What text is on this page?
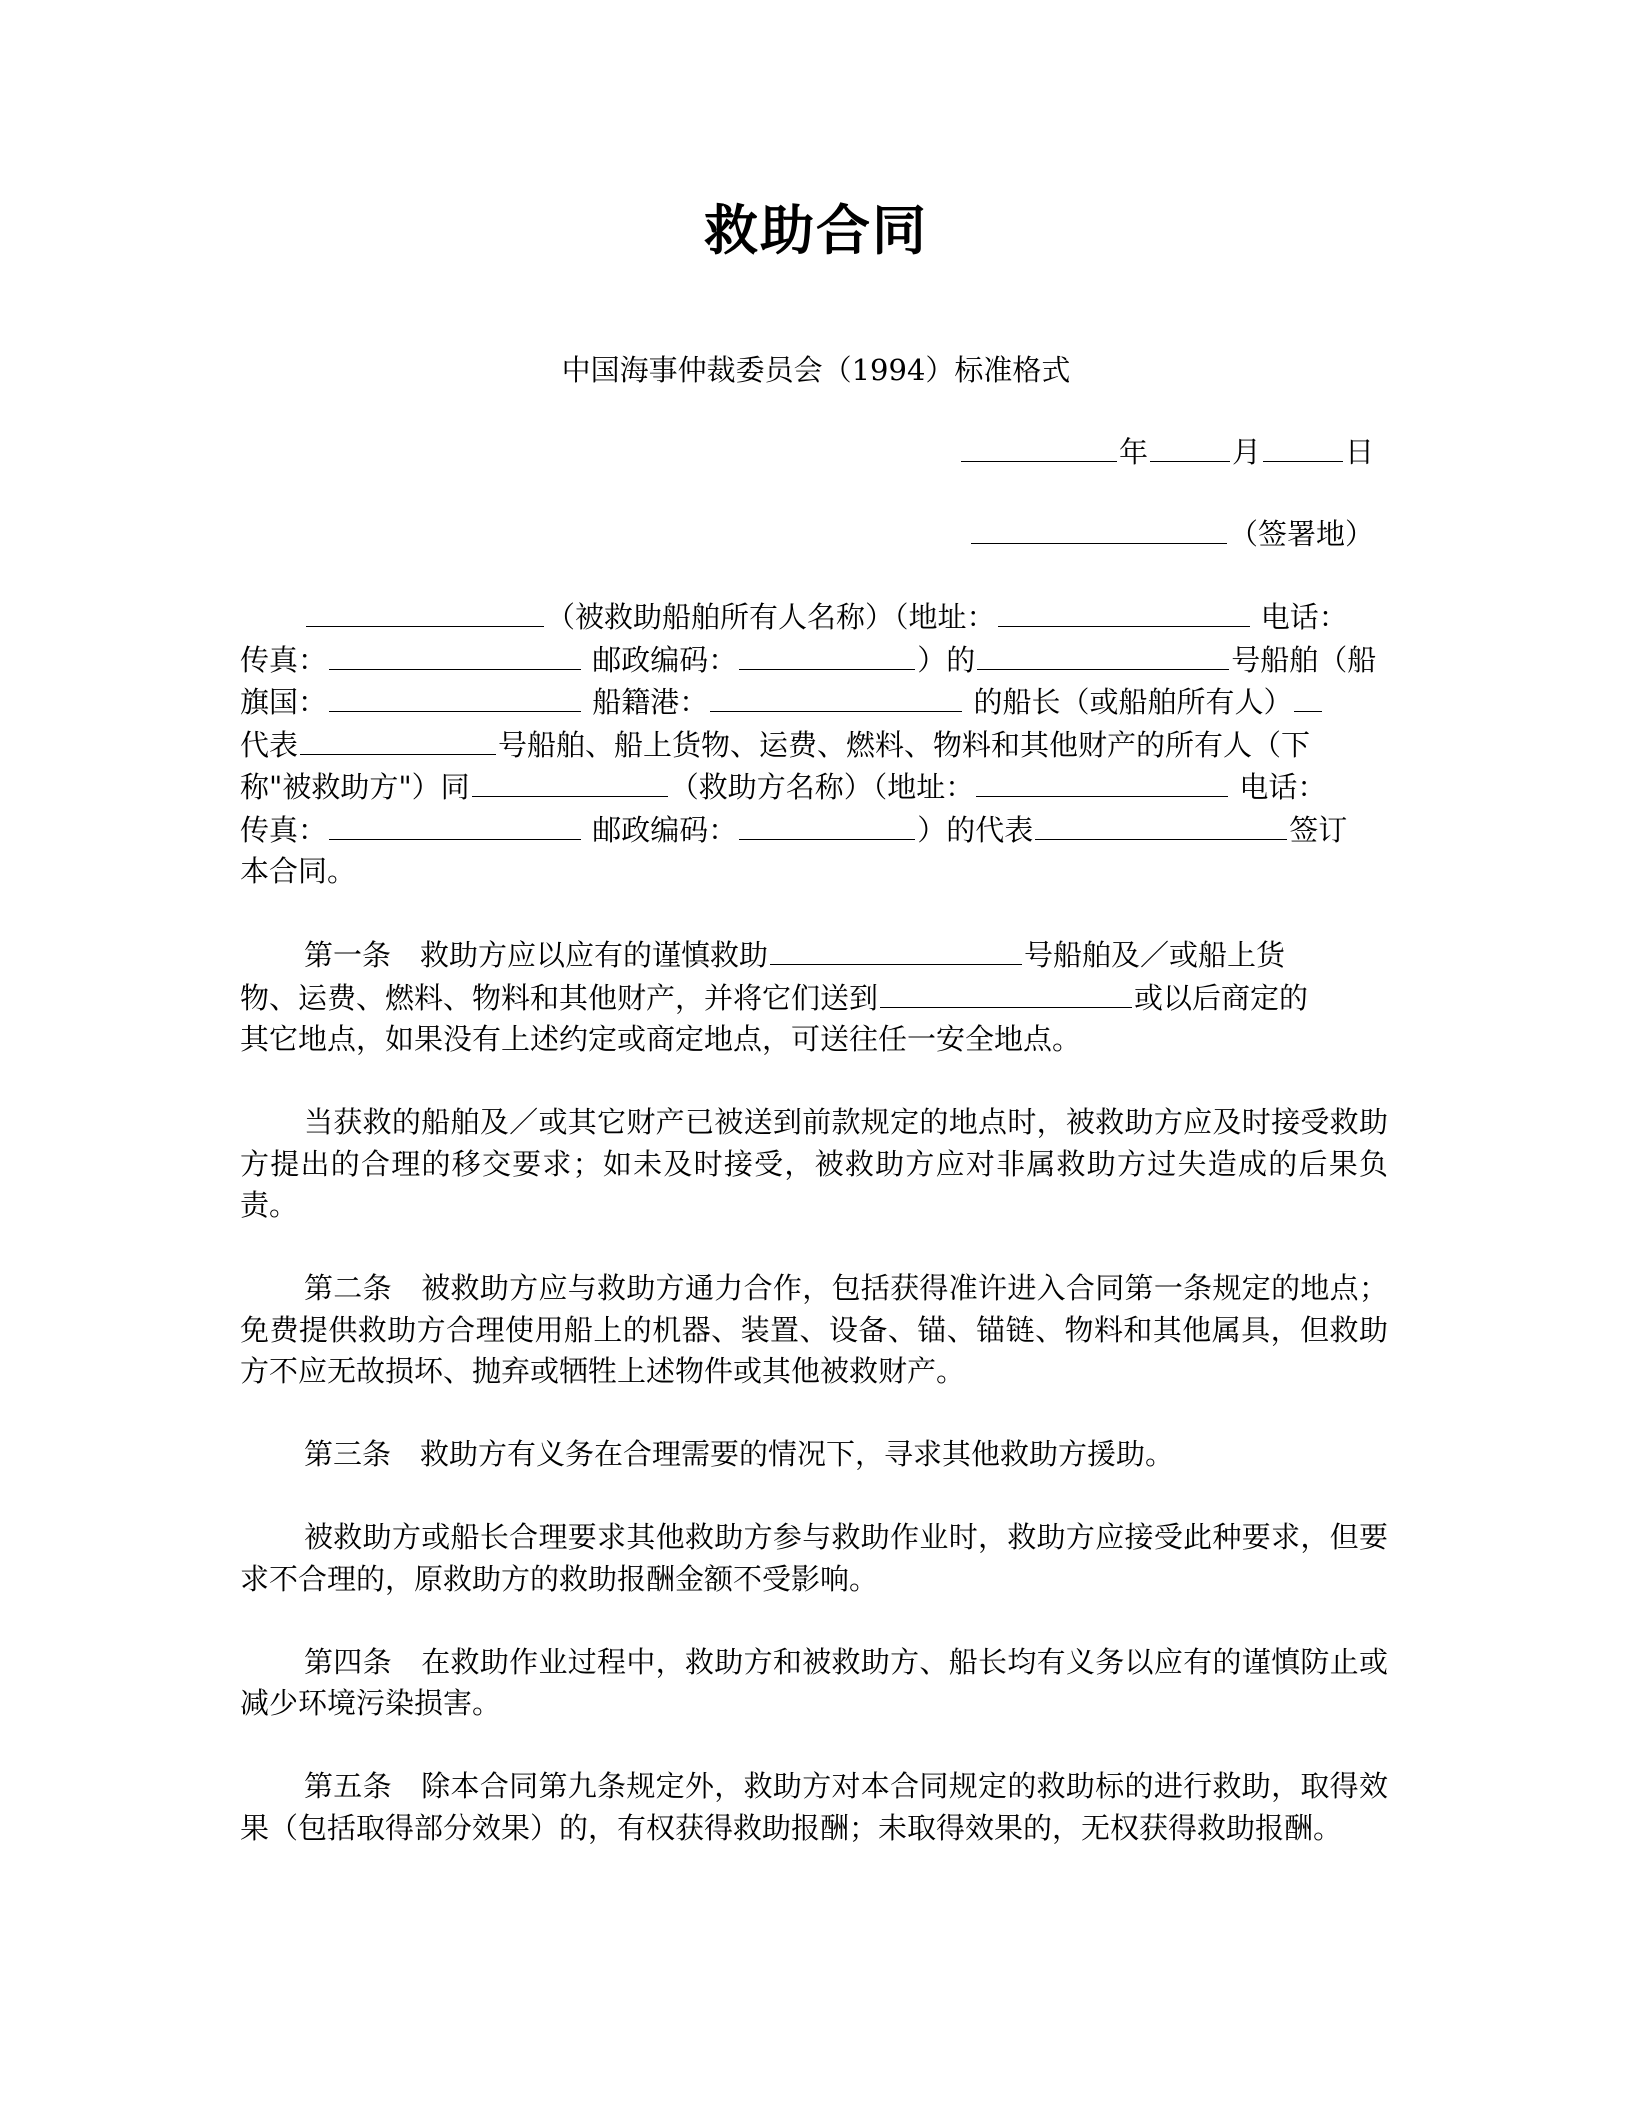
救助合同
中国海事仲裁委员会（1994）标准格式
年	月	日
（签署地）
（被救助船舶所有人名称）（地址：	电话：
传真：	邮政编码：	）的	号船舶（船
旗国：	船籍港：	的船长（或船舶所有人）
代表	号船舶、船上货物、运费、燃料、物料和其他财产的所有人（下
称"被救助方"）同	（救助方名称）（地址：	电话：
传真：	邮政编码：	）的代表	签订
本合同。
第一条　救助方应以应有的谨慎救助	号船舶及／或船上货
物、运费、燃料、物料和其他财产，并将它们送到	或以后商定的
其它地点，如果没有上述约定或商定地点，可送往任一安全地点。

当获救的船舶及／或其它财产已被送到前款规定的地点时，被救助方应及时接受救助方提出的合理的移交要求；如未及时接受，被救助方应对非属救助方过失造成的后果负责。

第二条　被救助方应与救助方通力合作，包括获得准许进入合同第一条规定的地点；免费提供救助方合理使用船上的机器、装置、设备、锚、锚链、物料和其他属具，但救助方不应无故损坏、抛弃或牺牲上述物件或其他被救财产。

第三条　救助方有义务在合理需要的情况下，寻求其他救助方援助。

被救助方或船长合理要求其他救助方参与救助作业时，救助方应接受此种要求，但要求不合理的，原救助方的救助报酬金额不受影响。

第四条　在救助作业过程中，救助方和被救助方、船长均有义务以应有的谨慎防止或减少环境污染损害。

第五条　除本合同第九条规定外，救助方对本合同规定的救助标的进行救助，取得效果（包括取得部分效果）的，有权获得救助报酬；未取得效果的，无权获得救助报酬。
